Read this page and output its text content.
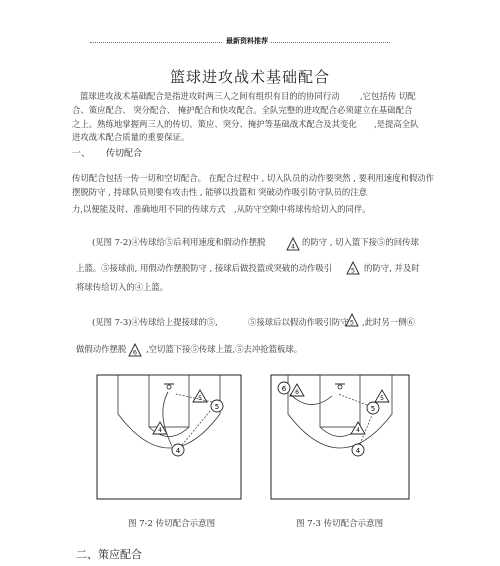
最新资料推荐
篮球进攻战术基础配合
篮球进攻战术基础配合是指进攻时两三人之间有组织有目的的协同行动 ,它包括传 切配
合、策应配合、 突分配合、 掩护配合和快攻配合。全队完整的进攻配合必须建立在基础配合
之上。熟练地掌握两三人的传切、策应、突分、掩护等基础战术配合及其变化 ,是提高全队
进攻战术配合质量的重要保证。
一、 传切配合
传切配合包括一传一切和空切配合。 在配合过程中 , 切入队员的动作要突然 , 要利用速度和假动作
摆脱防守 , 持球队员则要有攻击性 , 能够以投篮和 突破动作吸引防守队员的注意
力,以便能及时、准确地用不同的传球方式 ,从防守空隙中将球传给切入的同伴。
(见图 7-2)④传球给⑤后利用速度和假动作摆脱	4 的防守 , 切入篮下接⑤的回传球
上篮。⑤接球前, 用假动作摆脱防守 , 接球后做投篮或突破的动作吸引	5 的防守, 并及时
将球传给切入的④上篮。
(见图 7-3)④传球给上提接球的⑤,	⑤接球后以假动作吸引防守 5 ,此时另一侧⑥
做假动作摆脱 6 ,空切篮下接⑤传球上篮,⑤去冲抢篮板球。
4
5
5
4
6 6
5
5
4
4
图 7-2 传切配合示意图	图 7-3 传切配合示意图
二、策应配合
